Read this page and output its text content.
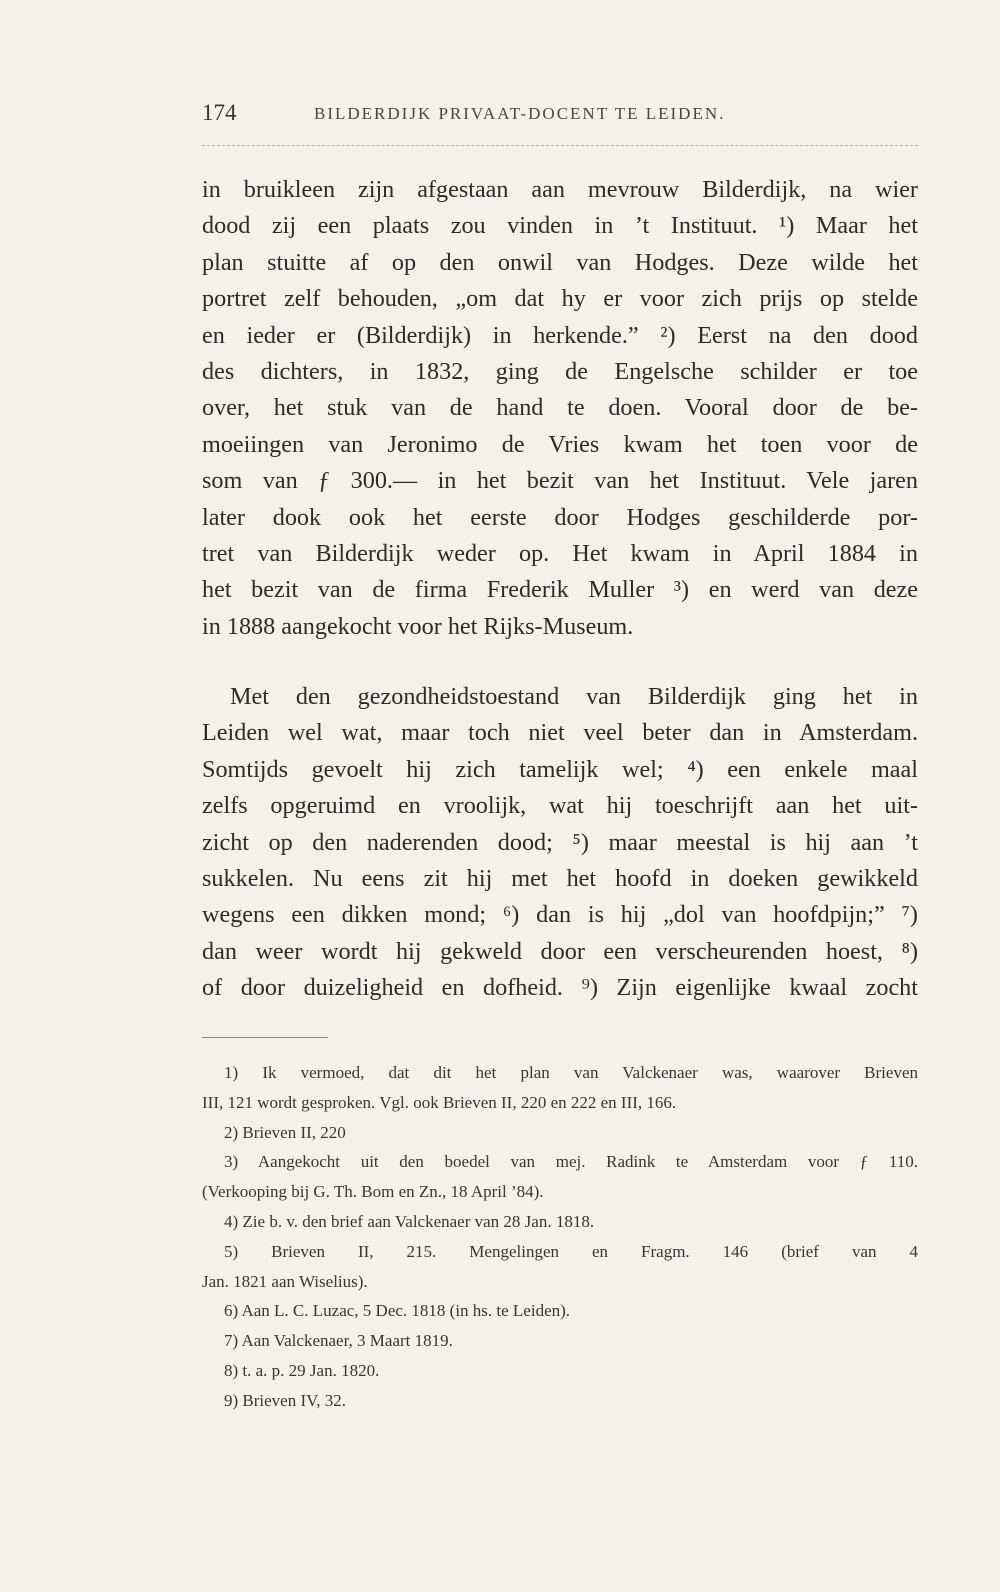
174	BILDERDIJK PRIVAAT-DOCENT TE LEIDEN.
in bruikleen zijn afgestaan aan mevrouw Bilderdijk, na wier
dood zij een plaats zou vinden in ’t Instituut. ¹) Maar het
plan stuitte af op den onwil van Hodges. Deze wilde het
portret zelf behouden, „om dat hy er voor zich prijs op stelde
en ieder er (Bilderdijk) in herkende.” ²) Eerst na den dood
des dichters, in 1832, ging de Engelsche schilder er toe
over, het stuk van de hand te doen. Vooral door de be-
moeiingen van Jeronimo de Vries kwam het toen voor de
som van ƒ 300.— in het bezit van het Instituut. Vele jaren
later dook ook het eerste door Hodges geschilderde por-
tret van Bilderdijk weder op. Het kwam in April 1884 in
het bezit van de firma Frederik Muller ³) en werd van deze
in 1888 aangekocht voor het Rijks-Museum.
Met den gezondheidstoestand van Bilderdijk ging het in
Leiden wel wat, maar toch niet veel beter dan in Amsterdam.
Somtijds gevoelt hij zich tamelijk wel; ⁴) een enkele maal
zelfs opgeruimd en vroolijk, wat hij toeschrijft aan het uit-
zicht op den naderenden dood; ⁵) maar meestal is hij aan ’t
sukkelen. Nu eens zit hij met het hoofd in doeken gewikkeld
wegens een dikken mond; ⁶) dan is hij „dol van hoofdpijn;” ⁷)
dan weer wordt hij gekweld door een verscheurenden hoest, ⁸)
of door duizeligheid en dofheid. ⁹) Zijn eigenlijke kwaal zocht
1) Ik vermoed, dat dit het plan van Valckenaer was, waarover Brieven
III, 121 wordt gesproken. Vgl. ook Brieven II, 220 en 222 en III, 166.
2) Brieven II, 220
3) Aangekocht uit den boedel van mej. Radink te Amsterdam voor ƒ 110.
(Verkooping bij G. Th. Bom en Zn., 18 April ’84).
4) Zie b. v. den brief aan Valckenaer van 28 Jan. 1818.
5) Brieven II, 215. Mengelingen en Fragm. 146 (brief van 4
Jan. 1821 aan Wiselius).
6) Aan L. C. Luzac, 5 Dec. 1818 (in hs. te Leiden).
7) Aan Valckenaer, 3 Maart 1819.
8) t. a. p. 29 Jan. 1820.
9) Brieven IV, 32.
